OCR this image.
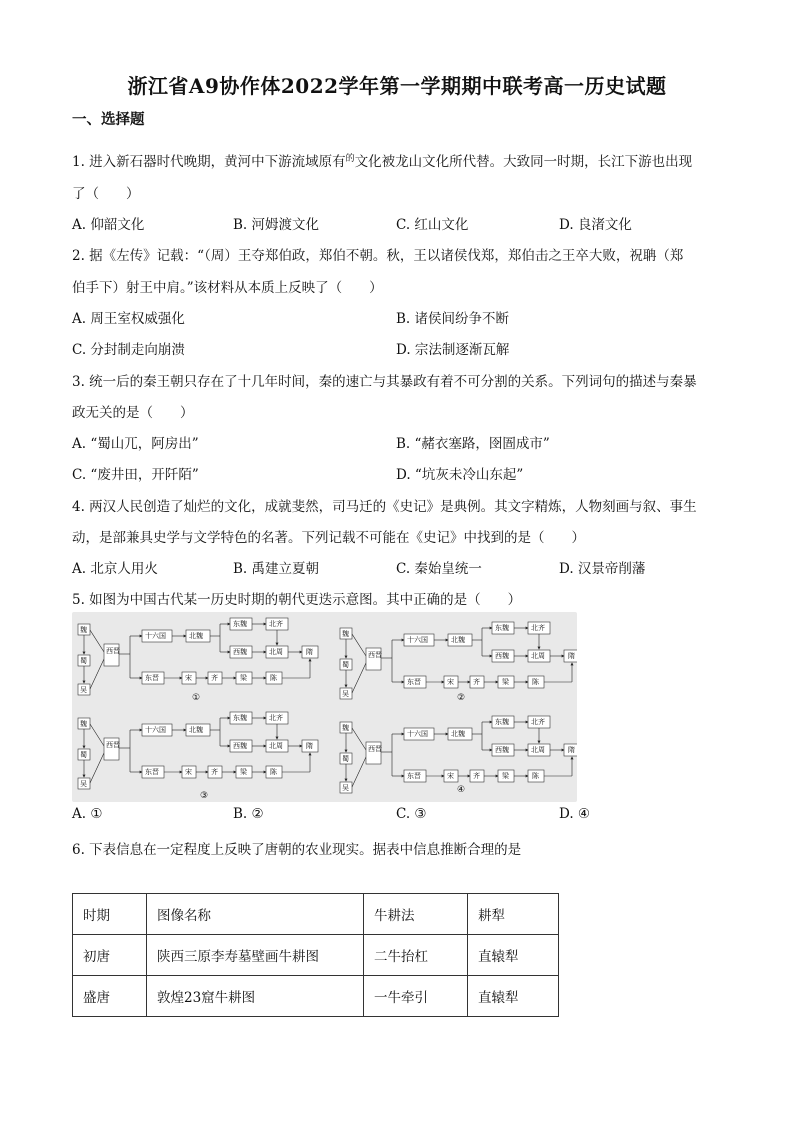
浙江省A9协作体2022学年第一学期期中联考高一历史试题
一、选择题
1. 进入新石器时代晚期，黄河中下游流域原有$^的$文化被龙山文化所代替。大致同一时期，长江下游也出现
了（　　）
A. 仰韶文化	B. 河姆渡文化	C. 红山文化	D. 良渚文化
2. 据《左传》记载：“（周）王夺郑伯政，郑伯不朝。秋，王以诸侯伐郑，郑伯击之王卒大败，祝聃（郑
伯手下）射王中肩。”该材料从本质上反映了（　　）
A. 周王室权威强化	B. 诸侯间纷争不断
C. 分封制走向崩溃	D. 宗法制逐渐瓦解
3. 统一后的秦王朝只存在了十几年时间，秦的速亡与其暴政有着不可分割的关系。下列词句的描述与秦暴
政无关的是（　　）
A. “蜀山兀，阿房出”	B. “赭衣塞路，囹圄成市”
C. “废井田，开阡陌”	D. “坑灰未冷山东起”
4. 两汉人民创造了灿烂的文化，成就斐然，司马迁的《史记》是典例。其文字精炼，人物刻画与叙、事生
动，是部兼具史学与文学特色的名著。下列记载不可能在《史记》中找到的是（　　）
A. 北京人用火	B. 禹建立夏朝	C. 秦始皇统一	D. 汉景帝削藩
5. 如图为中国古代某一历史时期的朝代更迭示意图。其中正确的是（　　）
①	②
③
④
A. ①	B. ②	C. ③	D. ④
6. 下表信息在一定程度上反映了唐朝的农业现实。据表中信息推断合理的是
时期	图像名称	牛耕法	耕犁
初唐	陕西三原李寿墓壁画牛耕图	二牛抬杠	直辕犁
盛唐	敦煌23窟牛耕图	一牛牵引	直辕犁
